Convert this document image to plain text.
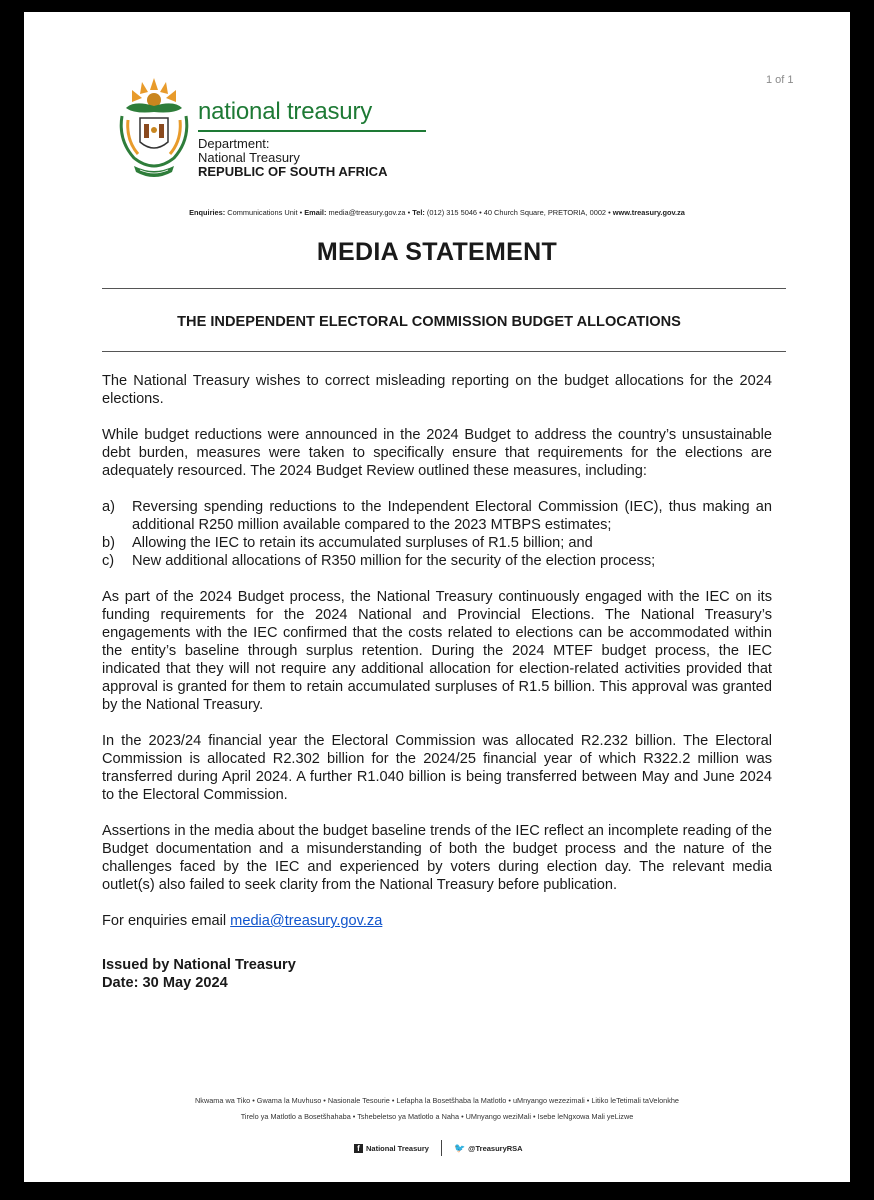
1 of 1
national treasury
Department:
National Treasury
REPUBLIC OF SOUTH AFRICA
Enquiries: Communications Unit • Email: media@treasury.gov.za • Tel: (012) 315 5046 • 40 Church Square, PRETORIA, 0002 • www.treasury.gov.za
MEDIA STATEMENT
THE INDEPENDENT ELECTORAL COMMISSION BUDGET ALLOCATIONS

The National Treasury wishes to correct misleading reporting on the budget allocations for the 2024 elections.

While budget reductions were announced in the 2024 Budget to address the country’s unsustainable debt burden, measures were taken to specifically ensure that requirements for the elections are adequately resourced. The 2024 Budget Review outlined these measures, including:

a)	Reversing spending reductions to the Independent Electoral Commission (IEC), thus making an additional R250 million available compared to the 2023 MTBPS estimates;
b)	Allowing the IEC to retain its accumulated surpluses of R1.5 billion; and
c)	New additional allocations of R350 million for the security of the election process;

As part of the 2024 Budget process, the National Treasury continuously engaged with the IEC on its funding requirements for the 2024 National and Provincial Elections. The National Treasury’s engagements with the IEC confirmed that the costs related to elections can be accommodated within the entity’s baseline through surplus retention. During the 2024 MTEF budget process, the IEC indicated that they will not require any additional allocation for election-related activities provided that approval is granted for them to retain accumulated surpluses of R1.5 billion. This approval was granted by the National Treasury.

In the 2023/24 financial year the Electoral Commission was allocated R2.232 billion. The Electoral Commission is allocated R2.302 billion for the 2024/25 financial year of which R322.2 million was transferred during April 2024. A further R1.040 billion is being transferred between May and June 2024 to the Electoral Commission.

Assertions in the media about the budget baseline trends of the IEC reflect an incomplete reading of the Budget documentation and a misunderstanding of both the budget process and the nature of the challenges faced by the IEC and experienced by voters during election day. The relevant media outlet(s) also failed to seek clarity from the National Treasury before publication.

For enquiries email media@treasury.gov.za

Issued by National Treasury
Date: 30 May 2024
Nkwama wa Tiko • Gwama la Muvhuso • Nasionale Tesourie • Lefapha la Bosetšhaba la Matlotlo • uMnyango wezezimali • Litiko leTetimali taVelonkhe
Tirelo ya Matlotlo a Bosetšhahaba • Tshebeletso ya Matlotlo a Naha • UMnyango weziMali • Isebe leNgxowa Mali yeLizwe
f National Treasury	🐦 @TreasuryRSA
